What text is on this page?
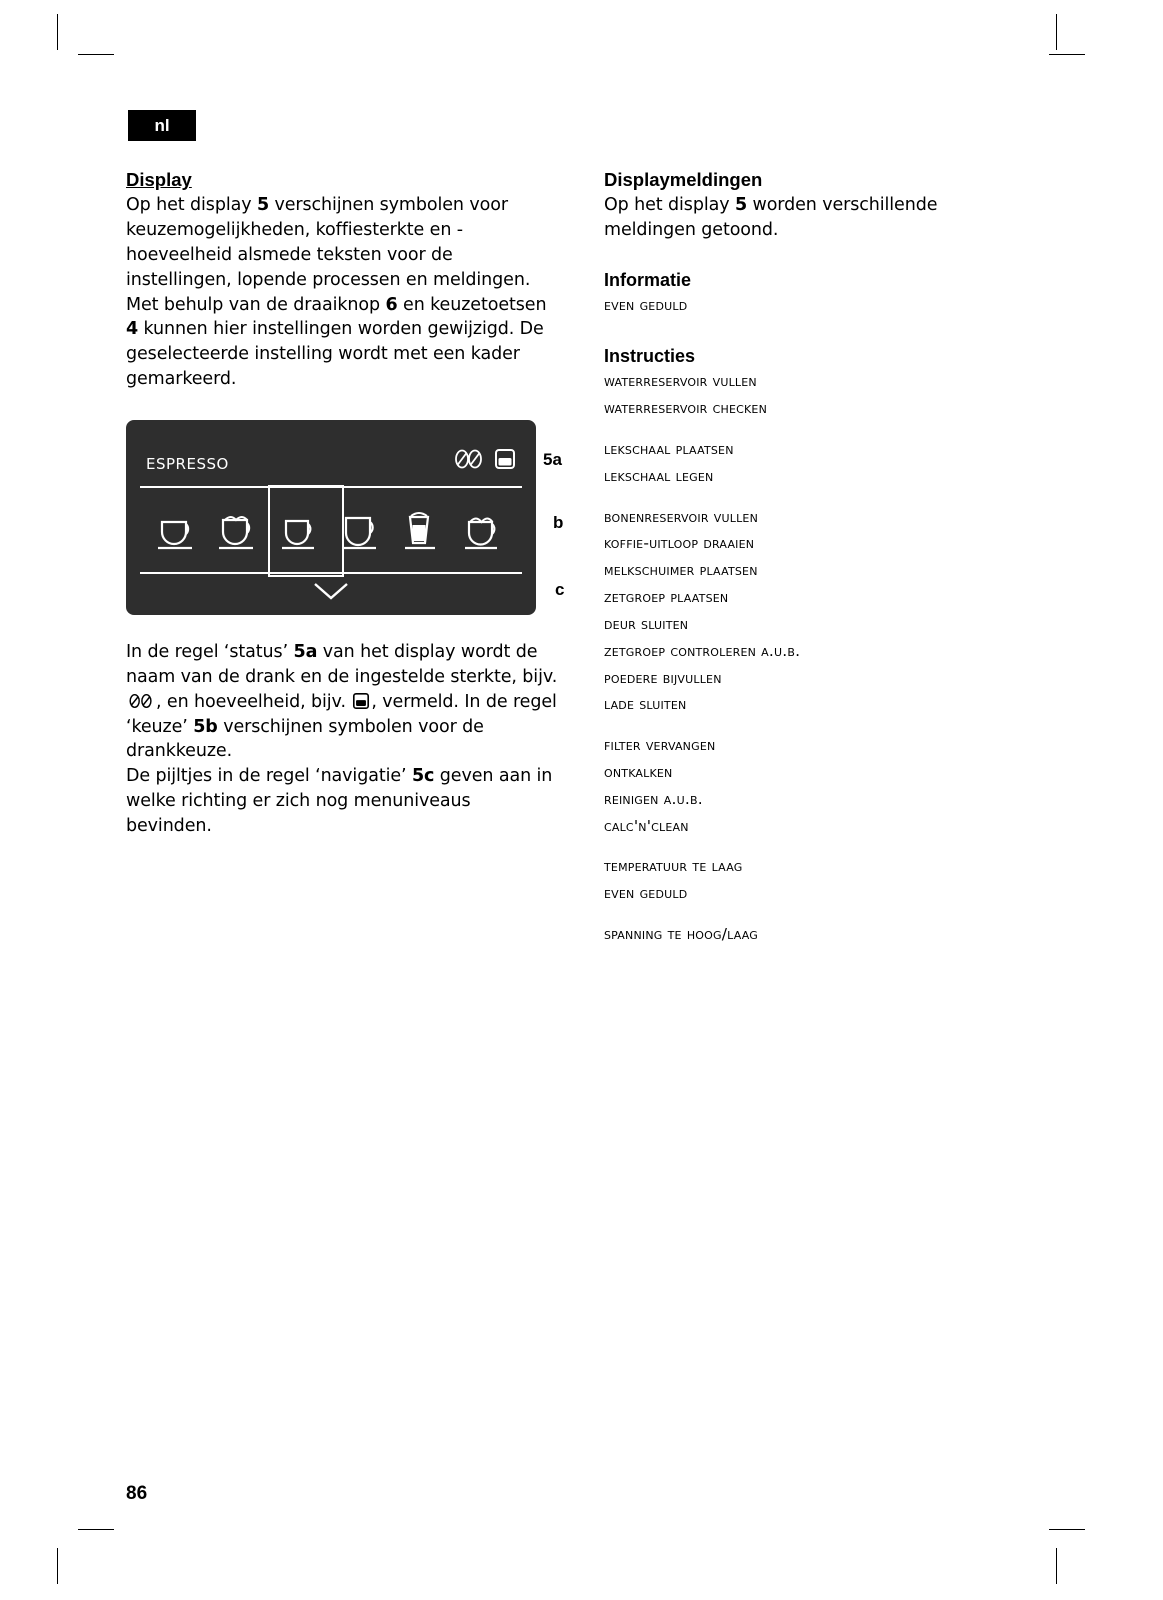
nl
Display

Op het display 5 verschijnen symbolen voor keuzemogelijkheden, koffiesterkte en -hoeveelheid alsmede teksten voor de instellingen, lopende processen en meldingen. Met behulp van de draaiknop 6 en keuzetoetsen 4 kunnen hier instellingen worden gewijzigd. De geselecteerde instelling wordt met een kader gemarkeerd.

espresso	5a
b
c

In de regel ‘status’ 5a van het display wordt de naam van de drank en de ingestelde sterkte, bijv. , en hoeveelheid, bijv. , vermeld. In de regel ‘keuze’ 5b verschijnen symbolen voor de drankkeuze.
De pijltjes in de regel ‘navigatie’ 5c geven aan in welke richting er zich nog menuniveaus bevinden.

Displaymeldingen

Op het display 5 worden verschillende meldingen getoond.

Informatie
even geduld
Instructies
waterreservoir vullen
waterreservoir checken
lekschaal plaatsen
lekschaal legen
bonenreservoir vullen
koffie-uitloop draaien
melkschuimer plaatsen
zetgroep plaatsen
deur sluiten
zetgroep controleren a.u.b.
poedere bijvullen
lade sluiten
filter vervangen
ontkalken
reinigen a.u.b.
calc'n'clean
temperatuur te laag
even geduld
spanning te hoog/laag
86
